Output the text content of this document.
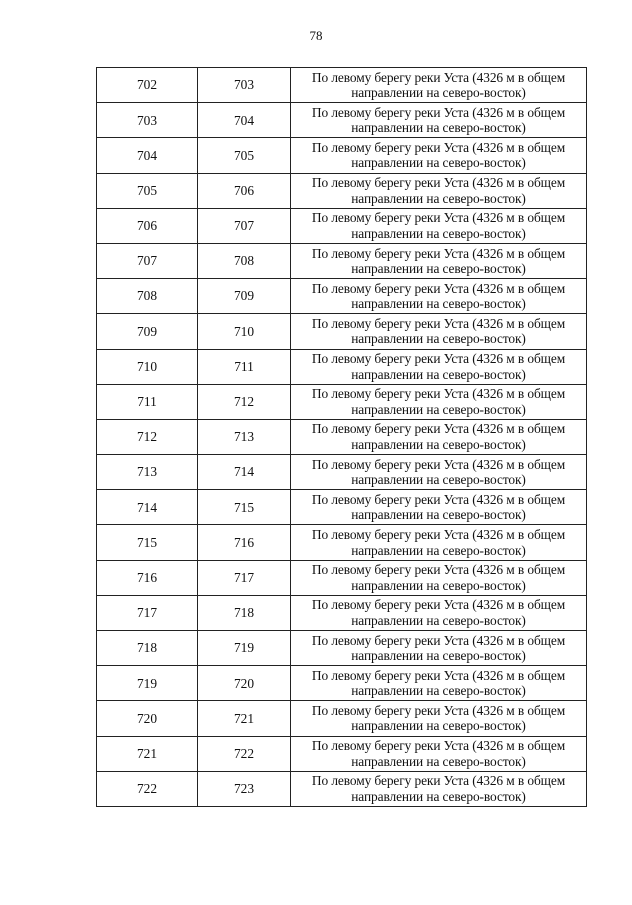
78
702	703	По левому берегу реки Уста (4326 м в общем
направлении на северо-восток)
703	704	По левому берегу реки Уста (4326 м в общем
направлении на северо-восток)
704	705	По левому берегу реки Уста (4326 м в общем
направлении на северо-восток)
705	706	По левому берегу реки Уста (4326 м в общем
направлении на северо-восток)
706	707	По левому берегу реки Уста (4326 м в общем
направлении на северо-восток)
707	708	По левому берегу реки Уста (4326 м в общем
направлении на северо-восток)
708	709	По левому берегу реки Уста (4326 м в общем
направлении на северо-восток)
709	710	По левому берегу реки Уста (4326 м в общем
направлении на северо-восток)
710	711	По левому берегу реки Уста (4326 м в общем
направлении на северо-восток)
711	712	По левому берегу реки Уста (4326 м в общем
направлении на северо-восток)
712	713	По левому берегу реки Уста (4326 м в общем
направлении на северо-восток)
713	714	По левому берегу реки Уста (4326 м в общем
направлении на северо-восток)
714	715	По левому берегу реки Уста (4326 м в общем
направлении на северо-восток)
715	716	По левому берегу реки Уста (4326 м в общем
направлении на северо-восток)
716	717	По левому берегу реки Уста (4326 м в общем
направлении на северо-восток)
717	718	По левому берегу реки Уста (4326 м в общем
направлении на северо-восток)
718	719	По левому берегу реки Уста (4326 м в общем
направлении на северо-восток)
719	720	По левому берегу реки Уста (4326 м в общем
направлении на северо-восток)
720	721	По левому берегу реки Уста (4326 м в общем
направлении на северо-восток)
721	722	По левому берегу реки Уста (4326 м в общем
направлении на северо-восток)
722	723	По левому берегу реки Уста (4326 м в общем
направлении на северо-восток)
